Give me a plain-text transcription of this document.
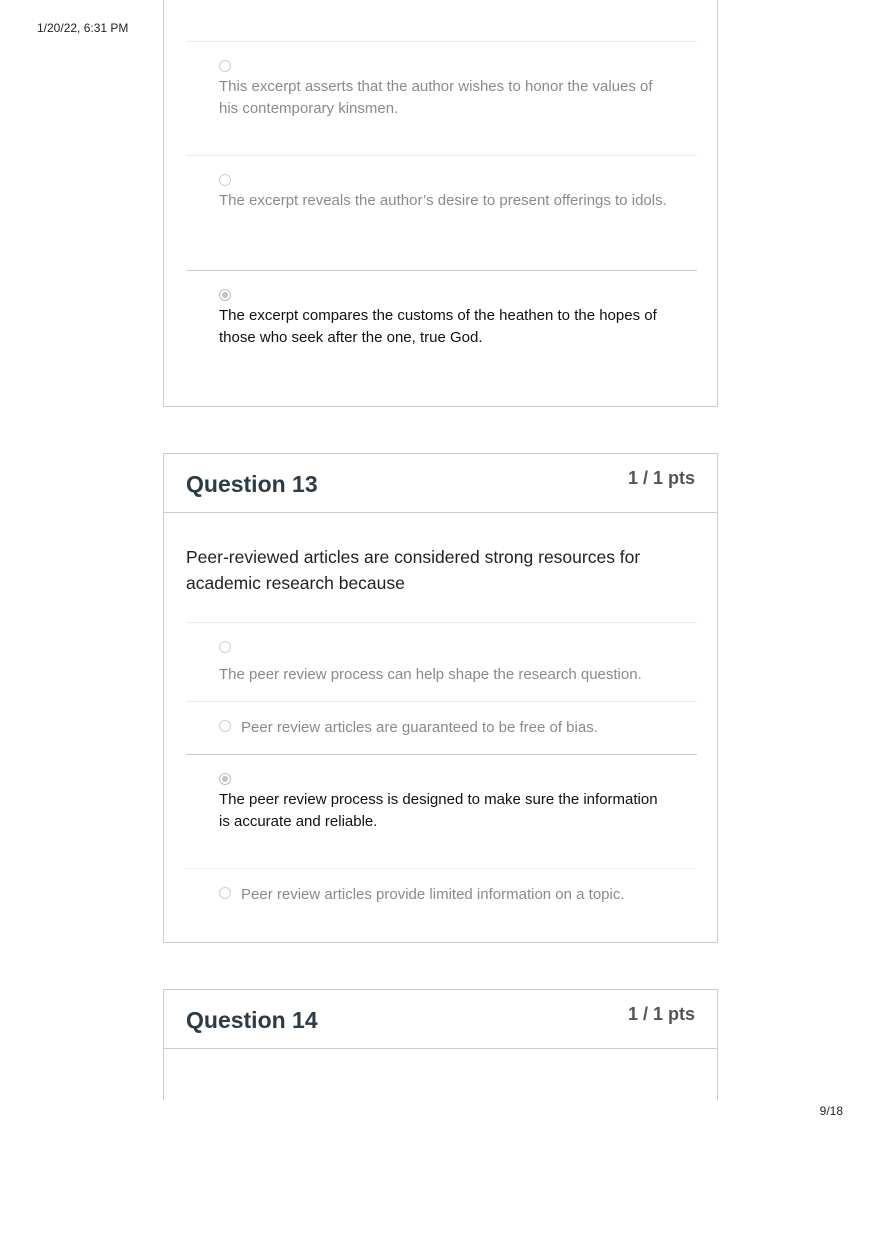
1/20/22, 6:31 PM
This excerpt asserts that the author wishes to honor the values of his contemporary kinsmen.
The excerpt reveals the author’s desire to present offerings to idols.
The excerpt compares the customs of the heathen to the hopes of those who seek after the one, true God.
Question 13	1 / 1 pts
Peer-reviewed articles are considered strong resources for academic research because
The peer review process can help shape the research question.
Peer review articles are guaranteed to be free of bias.
The peer review process is designed to make sure the information is accurate and reliable.
Peer review articles provide limited information on a topic.
Question 14	1 / 1 pts
9/18
